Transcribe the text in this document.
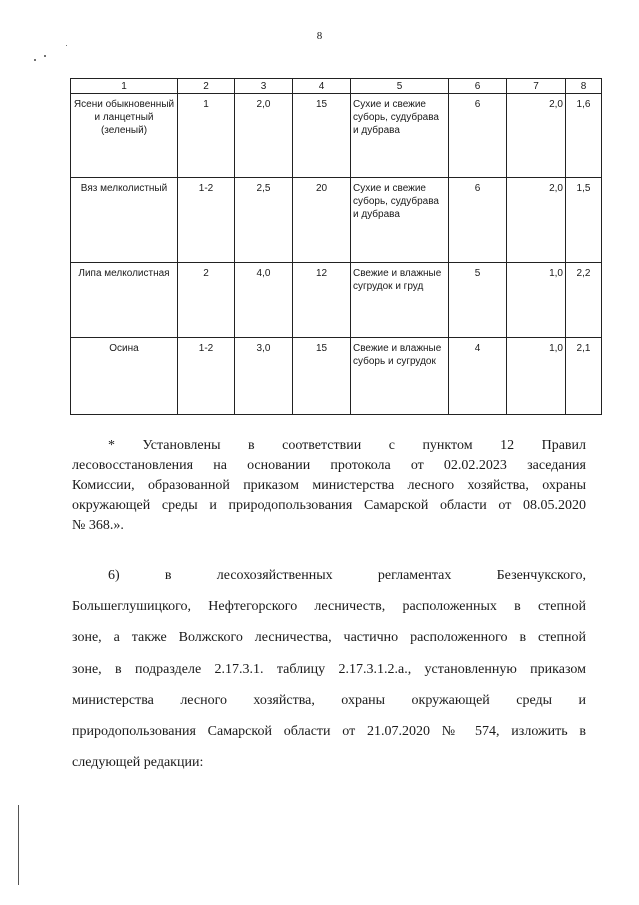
8
1	2	3	4	5	6	7	8
Ясени обыкновенный и ланцетный (зеленый)	1	2,0	15	Сухие и свежие суборь, судубрава и дубрава	6	2,0	1,6
Вяз мелколистный	1-2	2,5	20	Сухие и свежие суборь, судубрава и дубрава	6	2,0	1,5
Липа мелколистная	2	4,0	12	Свежие и влажные сугрудок и груд	5	1,0	2,2
Осина	1-2	3,0	15	Свежие и влажные суборь и сугрудок	4	1,0	2,1
* Установлены в соответствии с пунктом 12 Правил
лесовосстановления на основании протокола от 02.02.2023 заседания
Комиссии, образованной приказом министерства лесного хозяйства, охраны
окружающей среды и природопользования Самарской области от 08.05.2020
№ 368.».
6) в лесохозяйственных регламентах Безенчукского,
Большеглушицкого, Нефтегорского лесничеств, расположенных в степной
зоне, а также Волжского лесничества, частично расположенного в степной
зоне, в подразделе 2.17.3.1. таблицу 2.17.3.1.2.а., установленную приказом
министерства лесного хозяйства, охраны окружающей среды и
природопользования Самарской области от 21.07.2020 № 574, изложить в
следующей редакции:
